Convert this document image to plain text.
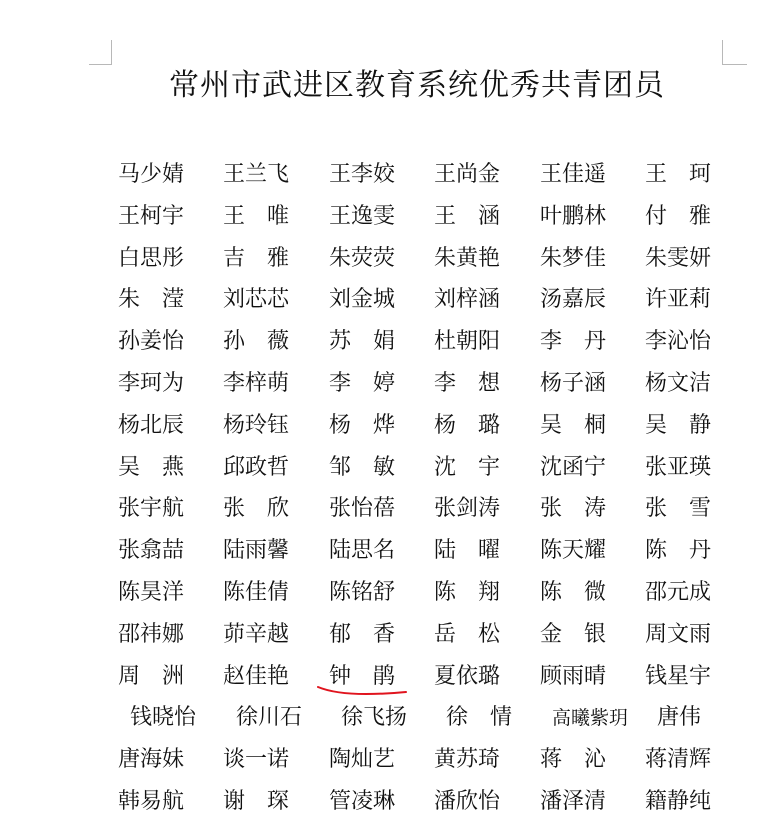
常州市武进区教育系统优秀共青团员
马少婧 王兰飞 王李姣 王尚金 王佳遥 王　珂
王柯宇 王　唯 王逸雯 王　涵 叶鹏林 付　雅
白思彤 吉　雅 朱荧荧 朱黄艳 朱梦佳 朱雯妍
朱　滢 刘芯芯 刘金城 刘梓涵 汤嘉辰 许亚莉
孙姜怡 孙　薇 苏　娟 杜朝阳 李　丹 李沁怡
李珂为 李梓萌 李　婷 李　想 杨子涵 杨文洁
杨北辰 杨玲钰 杨　烨 杨　璐 吴　桐 吴　静
吴　燕 邱政哲 邹　敏 沈　宇 沈函宁 张亚瑛
张宇航 张　欣 张怡蓓 张剑涛 张　涛 张　雪
张翕喆 陆雨馨 陆思名 陆　曜 陈天耀 陈　丹
陈昊洋 陈佳倩 陈铭舒 陈　翔 陈　微 邵元成
邵祎娜 茆辛越 郁　香 岳　松 金　银 周文雨
周　洲 赵佳艳 钟　鹃 夏依璐 顾雨晴 钱星宇
钱晓怡 徐川石 徐飞扬 徐　情 高曦紫玥 唐伟
唐海妹 谈一诺 陶灿艺 黄苏琦 蒋　沁 蒋清辉
韩易航 谢　琛 管凌琳 潘欣怡 潘泽清 籍静纯
